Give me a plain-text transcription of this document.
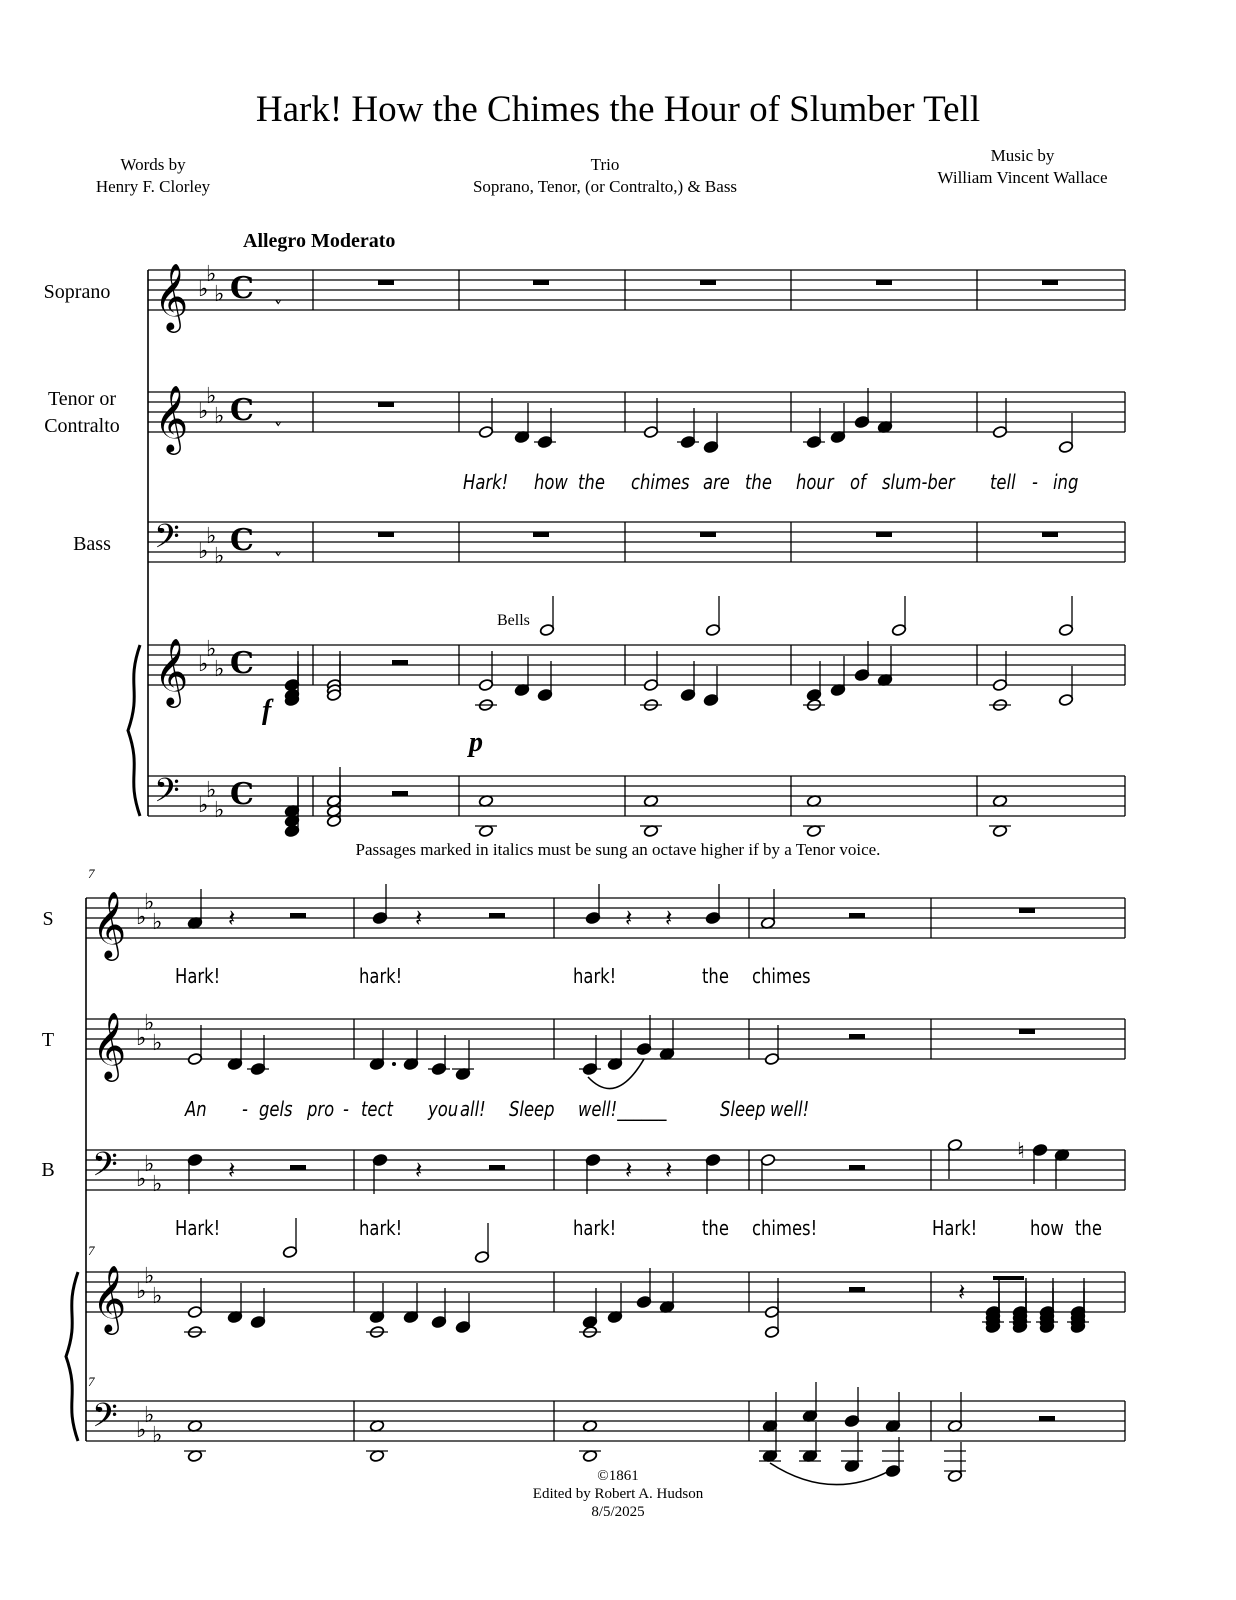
Hark! How the Chimes the Hour of Slumber Tell
Words by
Henry F. Clorley
Trio
Soprano, Tenor, (or Contralto,) & Bass
Music by
William Vincent Wallace
Allegro Moderato
Soprano
Tenor or
Contralto
Bass
S
T
B
Bells
f
p
7
7
7
Hark! how the chimes are the hour of slum-ber tell - ing
Hark!	hark!	hark!	the chimes
An - gels pro - tect you all! Sleep well!______	Sleep well!
Hark!	hark!	hark!	the chimes!	Hark!	how the
Passages marked in italics must be sung an octave higher if by a Tenor voice.
©1861
Edited by Robert A. Hudson
8/5/2025
𝄞 ♭
♭
♭ C
𝄞 ♭
♭
♭ C
𝄢 ♭
♭
♭ C
𝄞 ♭
♭
♭ C
𝄢 ♭
♭
♭ C
𝄞 ♭
♭
♭
𝄞 ♭
♭
♭
𝄢 ♭
♭
♭
𝄞 ♭
♭
♭
𝄢 ♭
♭
♭
𝄽	𝄽	𝄽 𝄽
𝄽	𝄽	𝄽 𝄽
♮
𝄽
